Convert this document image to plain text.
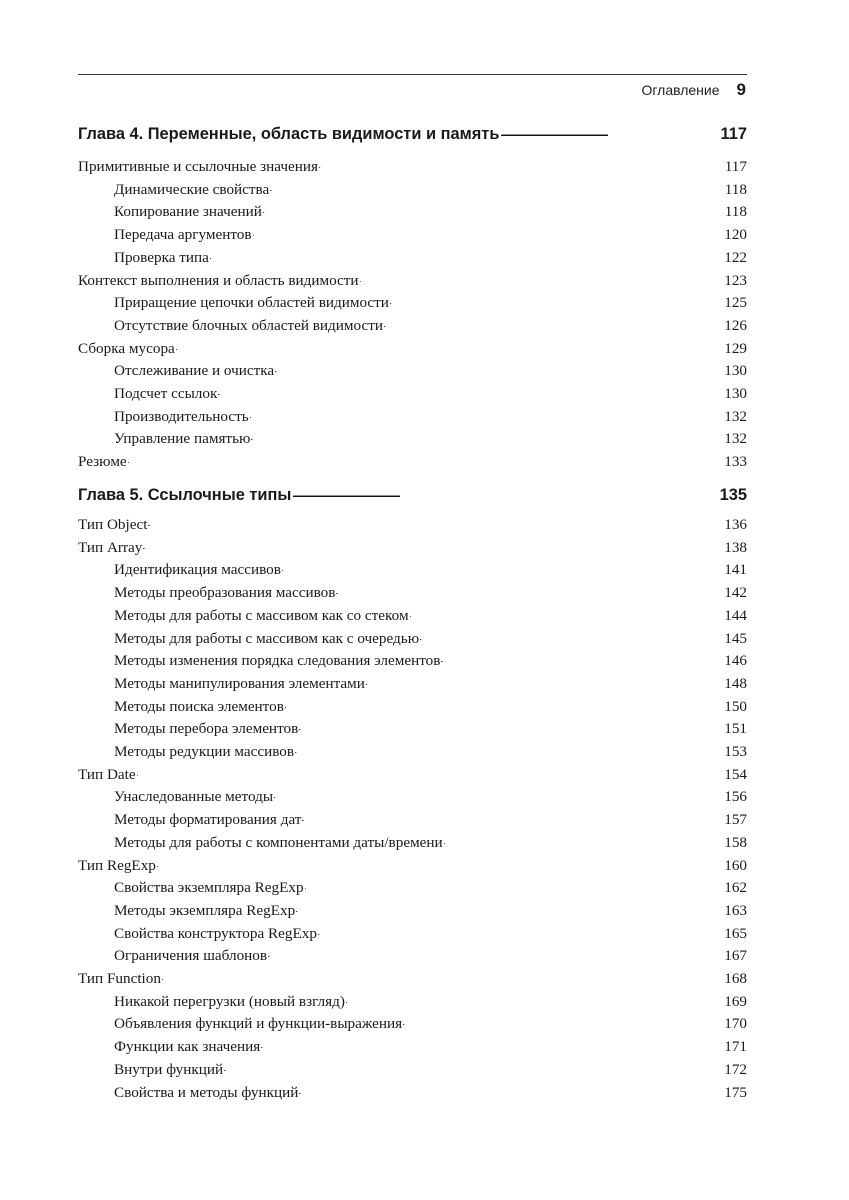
Оглавление 9
Глава 4. Переменные, область видимости и память . . .	117
Примитивные и ссылочные значения . . .	117
Динамические свойства . . .	118
Копирование значений . . .	118
Передача аргументов . . .	120
Проверка типа . . .	122
Контекст выполнения и область видимости . . .	123
Приращение цепочки областей видимости . . .	125
Отсутствие блочных областей видимости . . .	126
Сборка мусора . . .	129
Отслеживание и очистка . . .	130
Подсчет ссылок . . .	130
Производительность . . .	132
Управление памятью . . .	132
Резюме . . .	133
Глава 5. Ссылочные типы . . .	135
Тип Object . . .	136
Тип Array . . .	138
Идентификация массивов . . .	141
Методы преобразования массивов . . .	142
Методы для работы с массивом как со стеком . . .	144
Методы для работы с массивом как с очередью . . .	145
Методы изменения порядка следования элементов . . .	146
Методы манипулирования элементами . . .	148
Методы поиска элементов . . .	150
Методы перебора элементов . . .	151
Методы редукции массивов . . .	153
Тип Date . . .	154
Унаследованные методы . . .	156
Методы форматирования дат . . .	157
Методы для работы с компонентами даты/времени . . .	158
Тип RegExp . . .	160
Свойства экземпляра RegExp . . .	162
Методы экземпляра RegExp . . .	163
Свойства конструктора RegExp . . .	165
Ограничения шаблонов . . .	167
Тип Function . . .	168
Никакой перегрузки (новый взгляд) . . .	169
Объявления функций и функции-выражения . . .	170
Функции как значения . . .	171
Внутри функций . . .	172
Свойства и методы функций . . .	175
